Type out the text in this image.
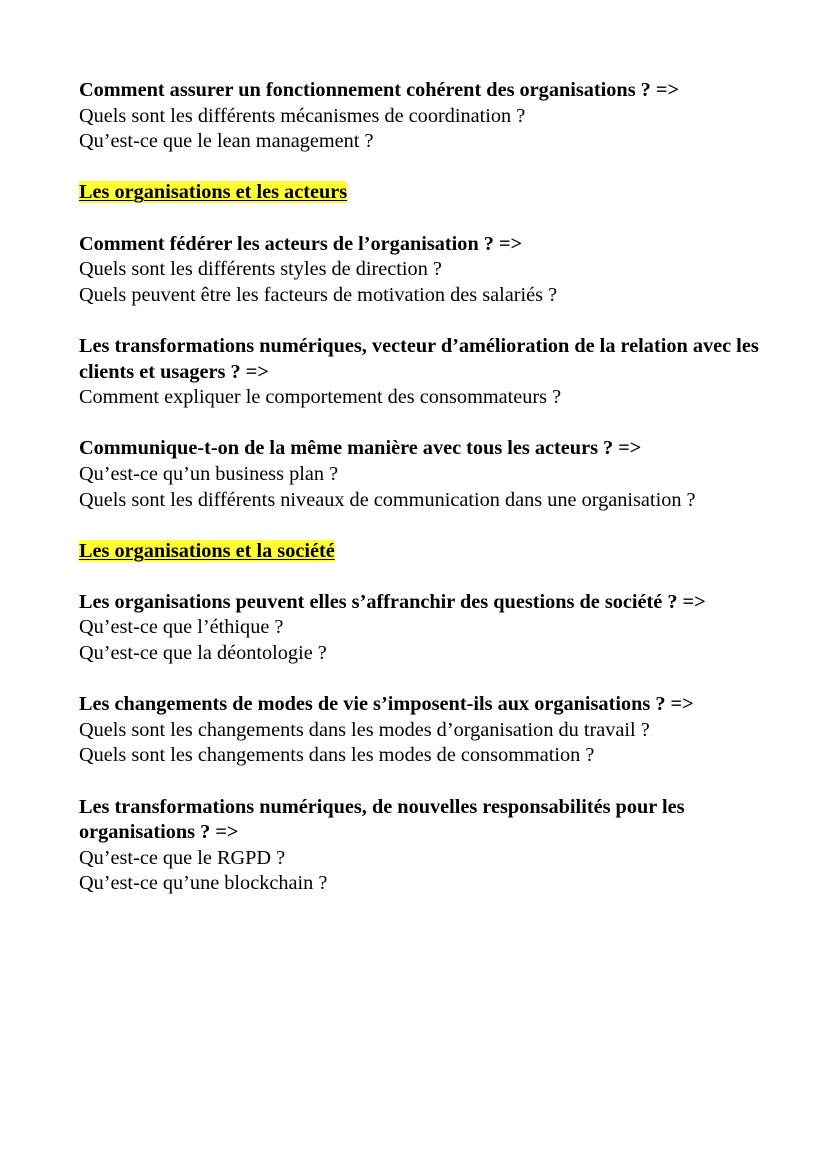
Comment assurer un fonctionnement cohérent des organisations ? =>
Quels sont les différents mécanismes de coordination ?
Qu’est-ce que le lean management ?
Les organisations et les acteurs
Comment fédérer les acteurs de l’organisation ? =>
Quels sont les différents styles de direction ?
Quels peuvent être les facteurs de motivation des salariés ?
Les transformations numériques, vecteur d’amélioration de la relation avec les clients et usagers ? =>
Comment expliquer le comportement des consommateurs ?
Communique-t-on de la même manière avec tous les acteurs ? =>
Qu’est-ce qu’un business plan ?
Quels sont les différents niveaux de communication dans une organisation ?
Les organisations et la société
Les organisations peuvent elles s’affranchir des questions de société ? =>
Qu’est-ce que l’éthique ?
Qu’est-ce que la déontologie ?
Les changements de modes de vie s’imposent-ils aux organisations ? =>
Quels sont les changements dans les modes d’organisation du travail ?
Quels sont les changements dans les modes de consommation ?
Les transformations numériques, de nouvelles responsabilités pour les organisations ? =>
Qu’est-ce que le RGPD ?
Qu’est-ce qu’une blockchain ?
